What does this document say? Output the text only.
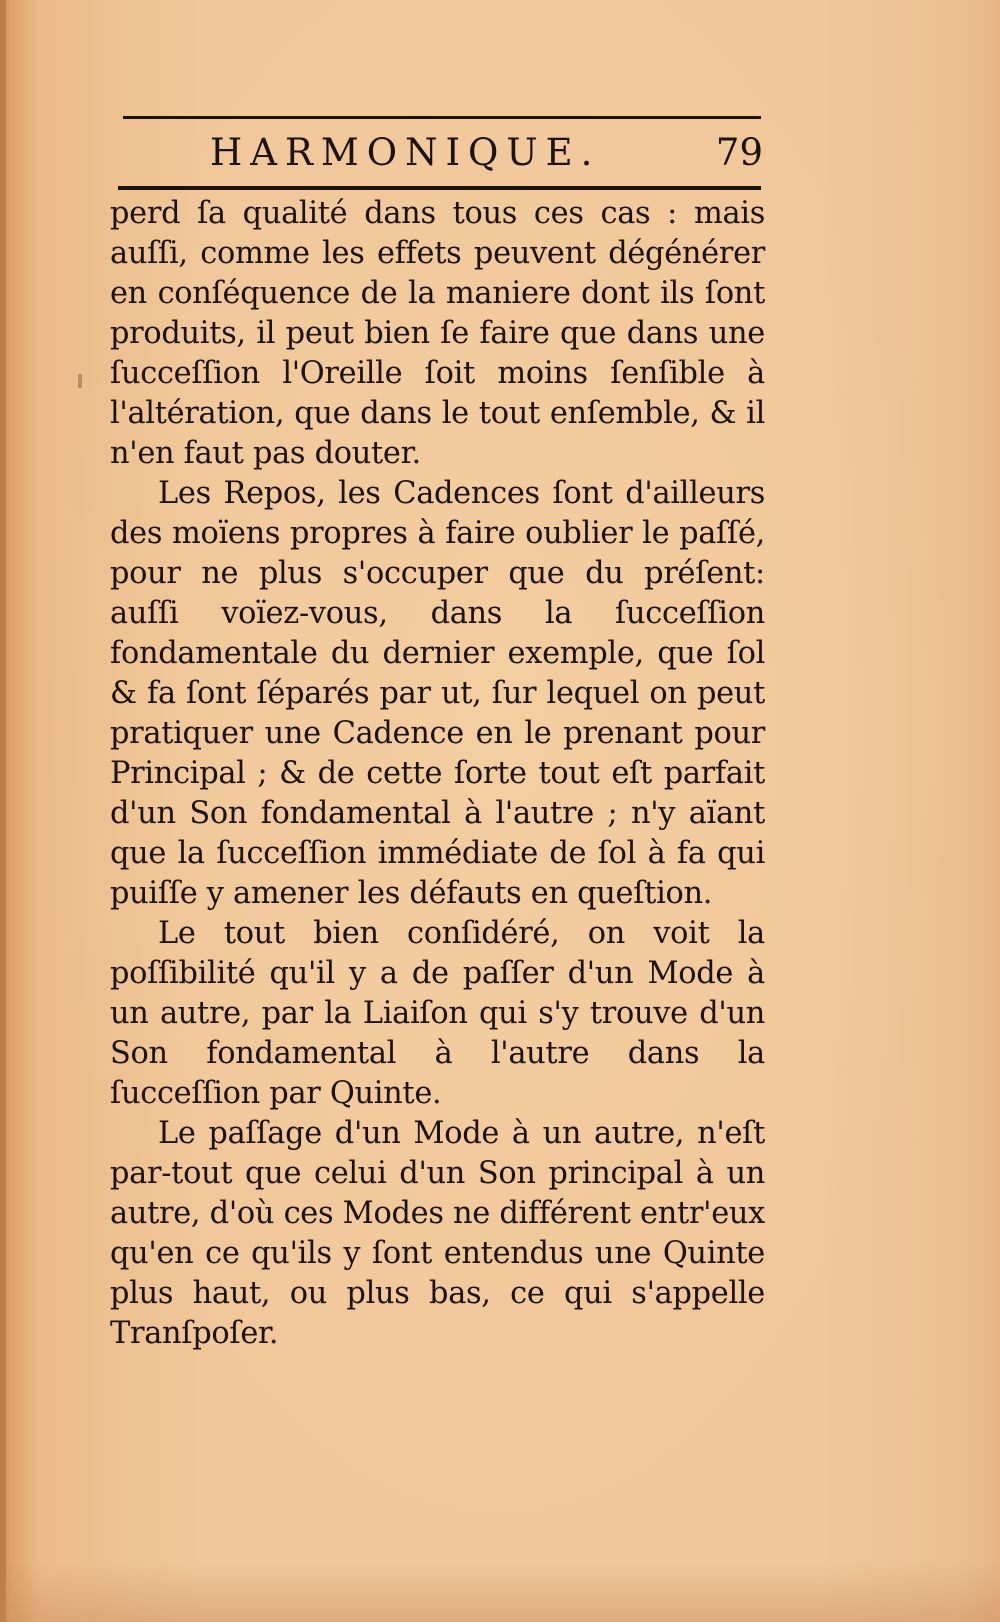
HARMONIQUE.	79

perd ſa qualité dans tous ces cas : mais auſſi, comme les effets peuvent dégénérer en conſéquence de la maniere dont ils ſont produits, il peut bien ſe faire que dans une ſucceſſion l'Oreille ſoit moins ſenſible à l'altération, que dans le tout enſemble, & il n'en faut pas douter.

Les Repos, les Cadences ſont d'ailleurs des moïens propres à faire oublier le paſſé, pour ne plus s'occuper que du préſent: auſſi voïez-vous, dans la ſucceſſion fondamentale du dernier exemple, que ſol & fa ſont ſéparés par ut, ſur lequel on peut pratiquer une Cadence en le prenant pour Principal ; & de cette ſorte tout eſt parfait d'un Son fondamental à l'autre ; n'y aïant que la ſucceſſion immédiate de ſol à fa qui puiſſe y amener les défauts en queſtion.

Le tout bien conſidéré, on voit la poſſibilité qu'il y a de paſſer d'un Mode à un autre, par la Liaiſon qui s'y trouve d'un Son fondamental à l'autre dans la ſucceſſion par Quinte.

Le paſſage d'un Mode à un autre, n'eſt par-tout que celui d'un Son principal à un autre, d'où ces Modes ne différent entr'eux qu'en ce qu'ils y ſont entendus une Quinte plus haut, ou plus bas, ce qui s'appelle Tranſpoſer.
